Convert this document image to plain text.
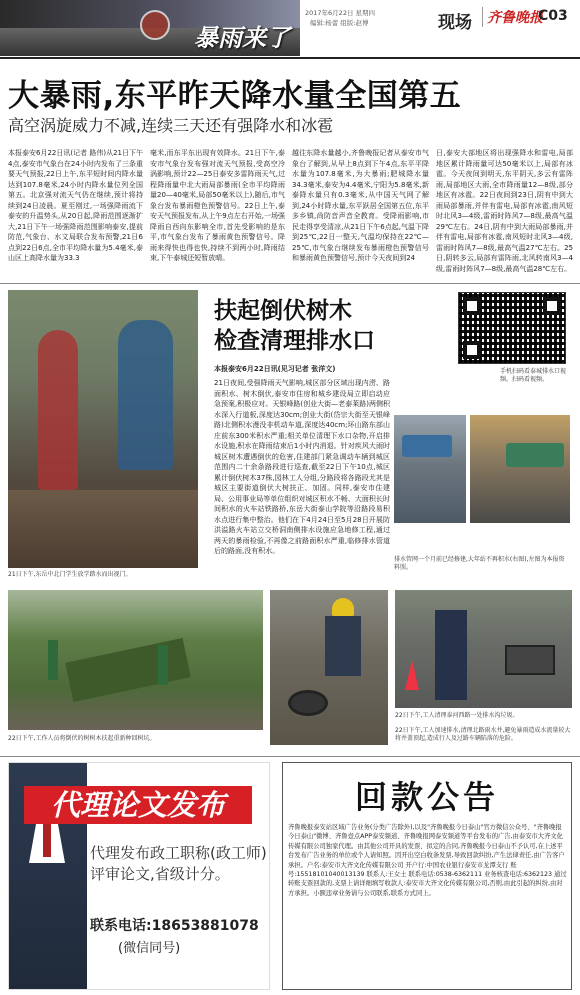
暴雨来了
2017年6月22日 星期四
编辑:杨蕾 组版:赵博	现场	齐鲁晚报
C03
大暴雨,东平昨天降水量全国第五
高空涡旋威力不减,连续三天还有强降水和冰雹
本报泰安6月22日讯(记者 路伟)从21日下午4点,泰安市气象台在24小时内发布了三条重要天气预报,22日上午,东平短时间内降水量达到107.8毫米,24小时内降水量位列全国第五。北京强对流天气仍在继续,预计将持续到24日凌晨。夏至刚过,一场强降雨流下泰安的升温势头,从20日起,降雨范围逐渐扩大,21日下午一场强降雨范围影响泰安,提前防范,气象台、水文局联合发布预警,21日6点到22日6点,全市平均降水量为5.4毫米,泰山区上高降水量为33.3
毫米,而东平东出现有效降水。21日下午,泰安市气象台发布强对流天气预报,受高空冷涡影响,预计22—25日泰安多雷阵雨天气,过程降雨量中北大雨局部暴雨(全市平均降雨量20—40毫米,局部50毫米以上),随后,市气象台发布暴雨橙色预警信号。22日上午,泰安天气预报发布,从上午9点左右开始,一场强降雨自西向东影响全市,首先受影响的是东平,市气象台发布了暴雨黄色预警信号。降雨来得快也得也快,持续不到两小时,降雨结束,下午泰城还短暂放晴。
越往东降水量越小,齐鲁晚报记者从泰安市气象台了解到,从早上8点到下午4点,东平平降水量为107.8毫米,为大暴雨;肥城降水量34.3毫米,泰安为4.4毫米,宁阳为5.8毫米,新泰降水量只有0.3毫米,从中国天气网了解到,24小时降水量,东平跃居全国第五位,东平多乡镇,尚防音声音全教育。受降雨影响,市民走得享受清凉,从21日下午6点起,气温下降到25℃,22日一整天,气温均保持在22℃—25℃,市气象台继续发布暴雨橙色预警信号和暴雨黄色预警信号,预计今天夜间到24
日,泰安大部地区将出现强降水和雷电,局部地区累计降雨量可达50毫米以上,局部有冰雹。今天夜间到明天,东平阴天,多云有雷阵雨,局部地区大雨,全市降雨量12—8级,部分地区有冰雹。22日夜间到23日,阴有中到大雨局部暴雨,并伴有雷电,局部有冰雹,南风短时北风3—4级,雷雨时阵风7—8级,最高气温29℃左右。24日,阴有中到大雨局部暴雨,并伴有雷电,局部有冰雹,南风短时北风3—4级,雷雨时阵风7—8级,最高气温27℃左右。25日,阴转多云,局部有雷阵雨,北风转南风3—4级,雷雨时阵风7—8级,最高气温28℃左右。
21日下午,东岳中北门学生放学踏水而出视门。
扶起倒伏树木
检查清理排水口
手机扫码看泰城排水口视频。扫码看视频。
本报泰安6月22日讯(见习记者 张洋文)
21日夜间,受强降雨天气影响,城区部分区域出现内涝、路面积水、树木倒伏,泰安市住房和城乡建设局立即启动应急预案,积极应对。天银峰路(创业大街—老泰莱路)两侧积水深入行道板,深度达30cm;创业大街(岱宗大街至天银峰路)北侧积水漫没非机动车道,深度达40cm;环山路东部山庄前东300米积水严重;相关单位清理下水口杂物,开启排水设施,积水在降雨结束后1小时内消退。针对疾风大雨时城区树木遭遇倒伏的危害,住建部门紧急调动车辆到城区范围内二十余条路段进行巡查,截至22日下午10点,城区累计倒伏树木37株,园林工人分组,分路段将各路段尤其是城区主要街道倒伏大树扶正、加固。同样,泰安市住建局、公用事业局等单位组织对城区积水不畅、大面积长时间积水的火车站铁路桥,东岳大街泰山学院等沿路段易积水点进行集中整治。他们在下4月24日至5月28日开展防洪溢路火车站立交桥洞南侧排水设施应急地修工程,通过两天的暴雨检验,不再像之前路面积水严重,临修排水管道后的路面,没有积水。
排水管网一个月前已经修建,大年站不再积水(右图),左图为本报资料照。
22日下午,工作人员将倒伏的树树木扶起重新种回树坑。
22日下午,工人清理泰河西路一处排水沟垃圾。
22日下午,工人加速排水,清理北路雨水井,避免暴雨造成水流量较大将井盖顶起,造成行人及过路车辆陷落的危险。
代理论文发布
代理发布政工职称(政工师)评审论文,省级计分。
联系电话:18653881078
(微信同号)
回款公告
齐鲁晚报泰安站区域广告业务(分类广告除外),以及"齐鲁晚报今日泰山"官方微信公众号、"齐鲁晚报今日泰山"微博、齐鲁壹点APP泰安频道、齐鲁晚报网泰安频道等平台发布的广告,由泰安市大齐文化传媒有限公司独家代理。由其他公司开具的发票、拟定的合同,齐鲁晚报今日泰山不予认可,在上述平台发布广告业务的单位或个人请知照。因开出空白收条发票,导致回款纠纷,产生法律责任,由广告客户承担。户名:泰安市大齐文化传媒有限公司 开户行:中国农业银行泰安市龙潭支行 账号:15518101040013139 联系人:王女士 联系电话:0538-6362111 业务核查电话:6362123 通过转账支票回款的,支票上请详细填写收款人:泰安市大齐文化传媒有限公司,否则,由此引起的纠纷,由对方承担。小额违章业务请与公司联系,联系方式同上。
